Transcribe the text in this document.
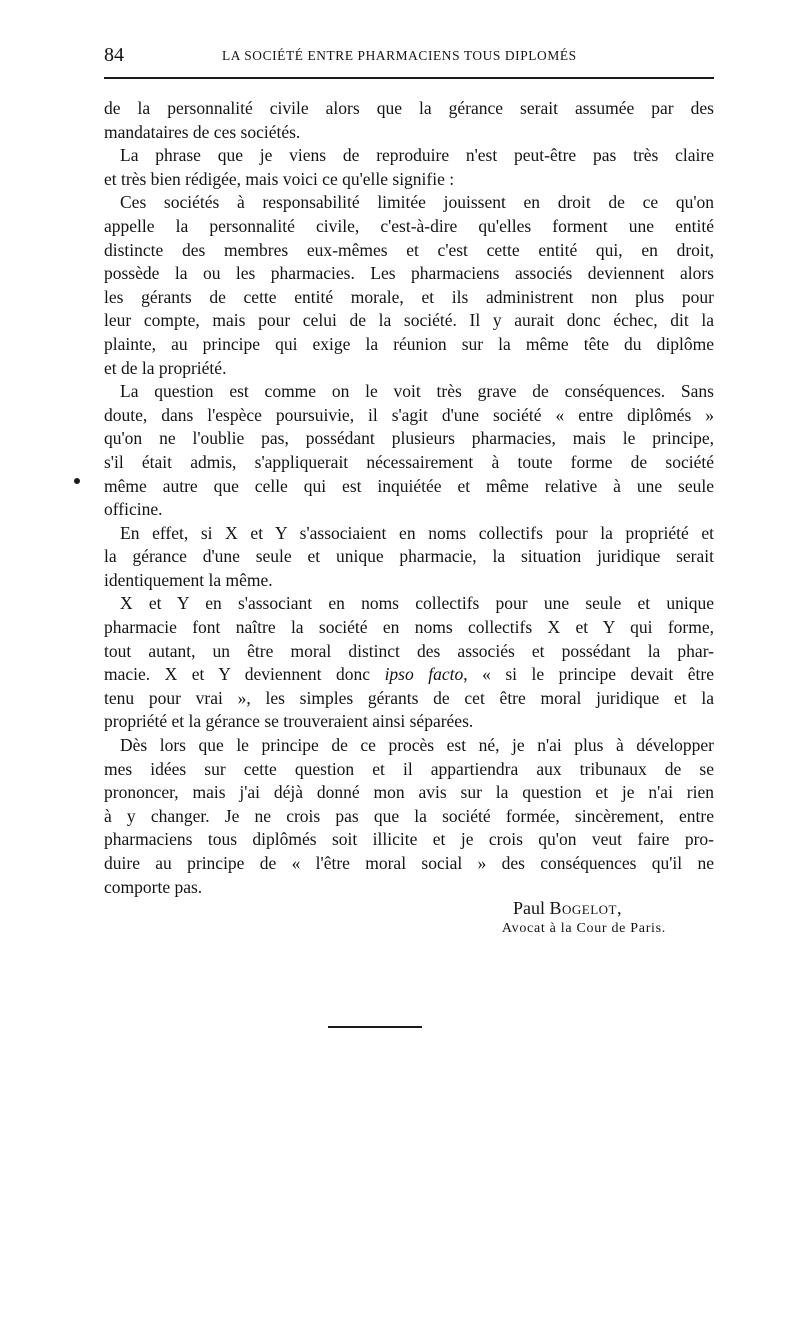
84	LA SOCIÉTÉ ENTRE PHARMACIENS TOUS DIPLOMÉS

de la personnalité civile alors que la gérance serait assumée par des
mandataires de ces sociétés.

La phrase que je viens de reproduire n'est peut-être pas très claire
et très bien rédigée, mais voici ce qu'elle signifie :

Ces sociétés à responsabilité limitée jouissent en droit de ce qu'on
appelle la personnalité civile, c'est-à-dire qu'elles forment une entité
distincte des membres eux-mêmes et c'est cette entité qui, en droit,
possède la ou les pharmacies. Les pharmaciens associés deviennent alors
les gérants de cette entité morale, et ils administrent non plus pour
leur compte, mais pour celui de la société. Il y aurait donc échec, dit la
plainte, au principe qui exige la réunion sur la même tête du diplôme
et de la propriété.

La question est comme on le voit très grave de conséquences. Sans
doute, dans l'espèce poursuivie, il s'agit d'une société « entre diplômés »
qu'on ne l'oublie pas, possédant plusieurs pharmacies, mais le principe,
s'il était admis, s'appliquerait nécessairement à toute forme de société
même autre que celle qui est inquiétée et même relative à une seule
officine.

En effet, si X et Y s'associaient en noms collectifs pour la propriété et
la gérance d'une seule et unique pharmacie, la situation juridique serait
identiquement la même.

X et Y en s'associant en noms collectifs pour une seule et unique
pharmacie font naître la société en noms collectifs X et Y qui forme,
tout autant, un être moral distinct des associés et possédant la phar-
macie. X et Y deviennent donc ipso facto, « si le principe devait être
tenu pour vrai », les simples gérants de cet être moral juridique et la
propriété et la gérance se trouveraient ainsi séparées.

Dès lors que le principe de ce procès est né, je n'ai plus à développer
mes idées sur cette question et il appartiendra aux tribunaux de se
prononcer, mais j'ai déjà donné mon avis sur la question et je n'ai rien
à y changer. Je ne crois pas que la société formée, sincèrement, entre
pharmaciens tous diplômés soit illicite et je crois qu'on veut faire pro-
duire au principe de « l'être moral social » des conséquences qu'il ne
comporte pas.

Paul Bogelot,
Avocat à la Cour de Paris.
